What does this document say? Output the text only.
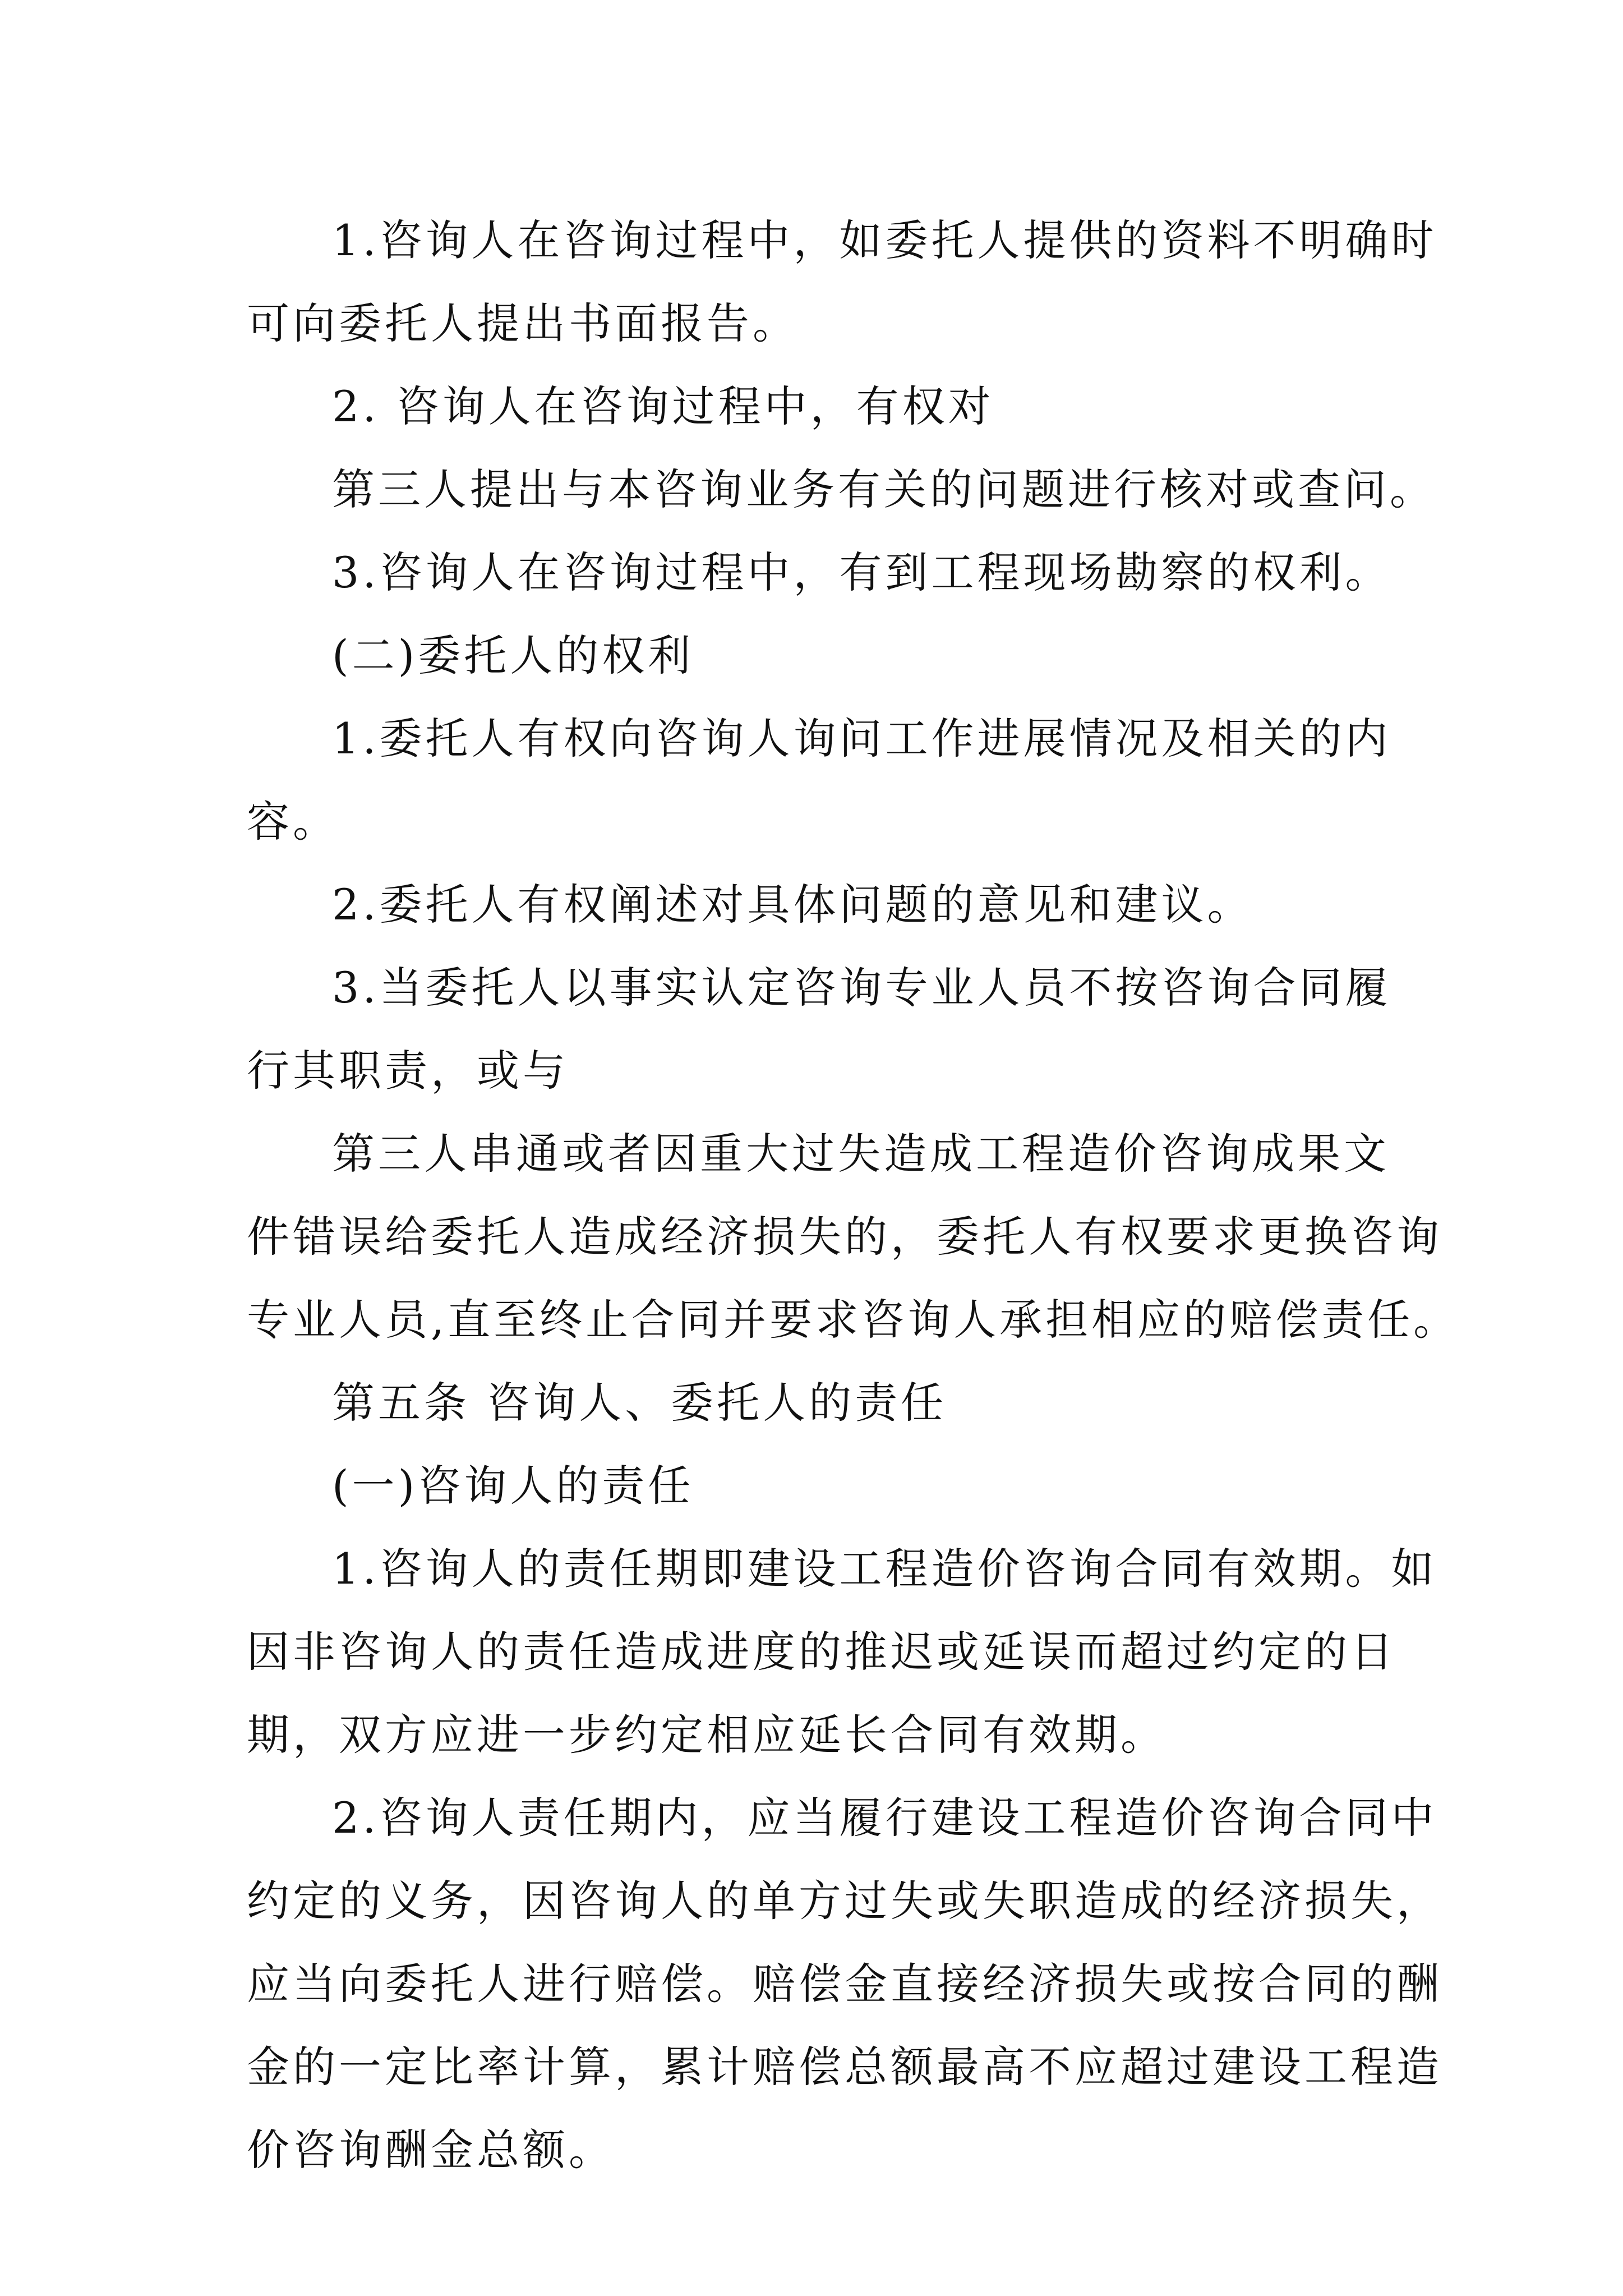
1.咨询人在咨询过程中，如委托人提供的资料不明确时
可向委托人提出书面报告。
2. 咨询人在咨询过程中，有权对
第三人提出与本咨询业务有关的问题进行核对或查问。
3.咨询人在咨询过程中，有到工程现场勘察的权利。
(二)委托人的权利
1.委托人有权向咨询人询问工作进展情况及相关的内
容。
2.委托人有权阐述对具体问题的意见和建议。
3.当委托人以事实认定咨询专业人员不按咨询合同履
行其职责，或与
第三人串通或者因重大过失造成工程造价咨询成果文
件错误给委托人造成经济损失的，委托人有权要求更换咨询
专业人员,直至终止合同并要求咨询人承担相应的赔偿责任。
第五条 咨询人、委托人的责任
(一)咨询人的责任
1.咨询人的责任期即建设工程造价咨询合同有效期。如
因非咨询人的责任造成进度的推迟或延误而超过约定的日
期，双方应进一步约定相应延长合同有效期。
2.咨询人责任期内，应当履行建设工程造价咨询合同中
约定的义务，因咨询人的单方过失或失职造成的经济损失，
应当向委托人进行赔偿。赔偿金直接经济损失或按合同的酬
金的一定比率计算，累计赔偿总额最高不应超过建设工程造
价咨询酬金总额。
